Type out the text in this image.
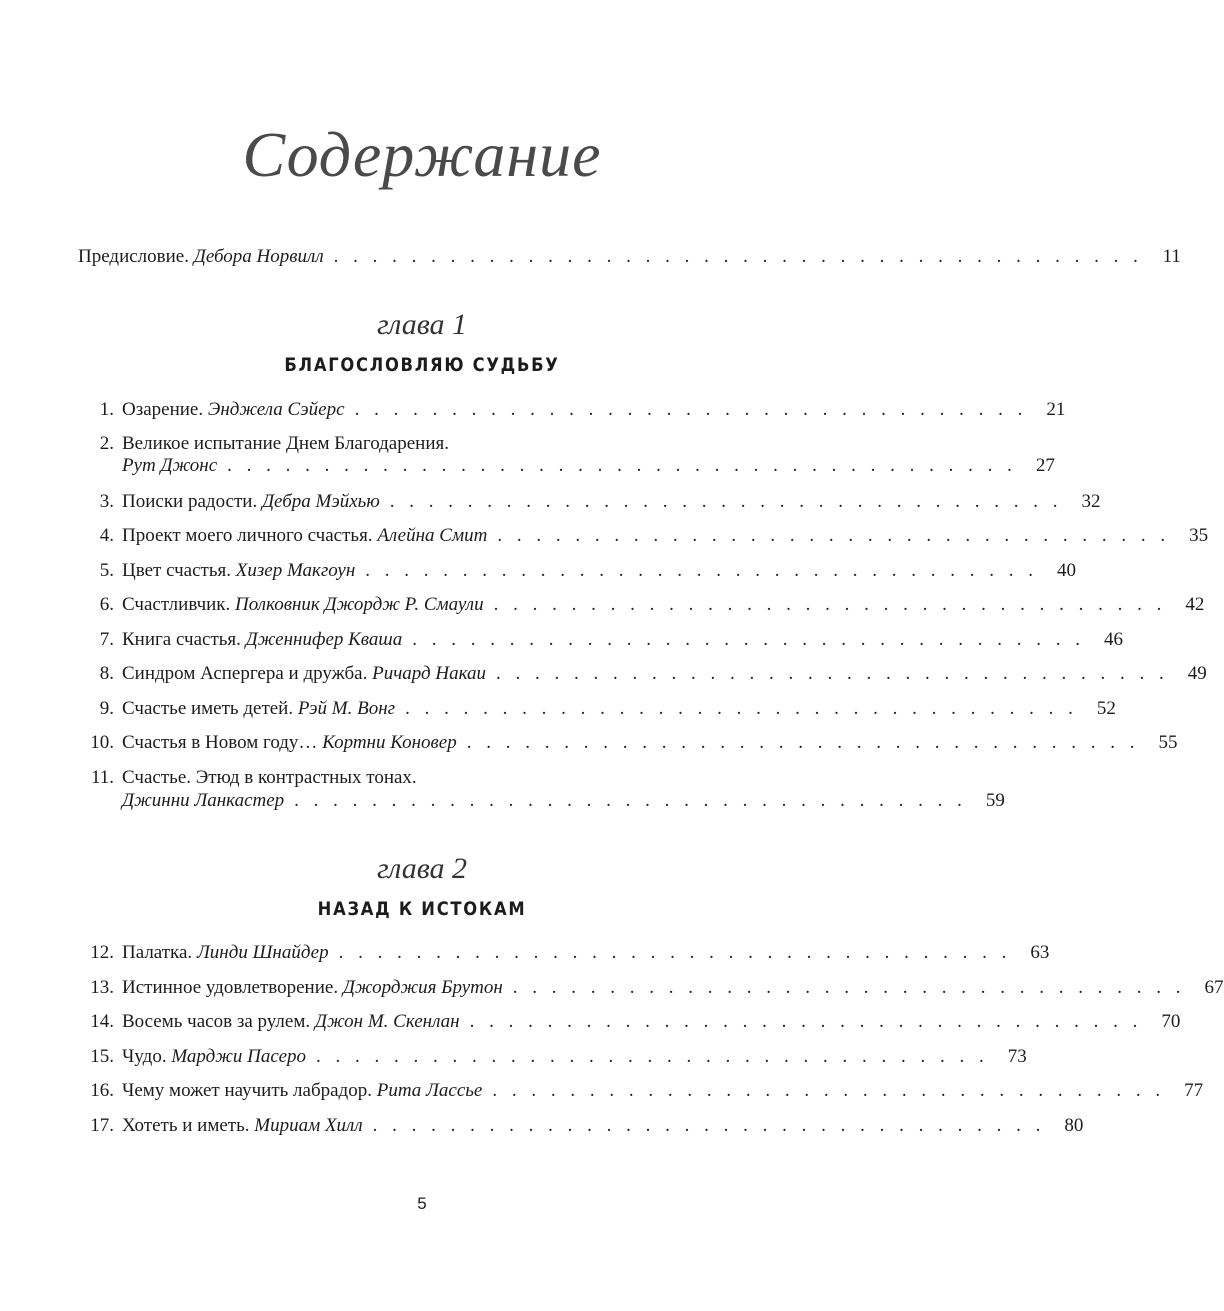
Содержание
Предисловие.
Дебора Норвилл . . . . . . . . . . . . . . . . . . . . . . . . . . . . . . . . . . . . . . . . . .	11
глава 1
БЛАГОСЛОВЛЯЮ СУДЬБУ
1. Озарение.
Энджела Сэйерс . . . . . . . . . . . . . . . . . . . . . . . . . . . . . . . . . . .	21
2. Великое испытание Днем Благодарения.
Рут Джонс . . . . . . . . . . . . . . . . . . . . . . . . . . . . . . . . . . . . . . . . .	27
3. Поиски радости.
Дебра Мэйхью . . . . . . . . . . . . . . . . . . . . . . . . . . . . . . . . . . .	32
4. Проект моего личного счастья.
Алейна Смит . . . . . . . . . . . . . . . . . . . . . . . . . . . . . . . . . . .	35
5. Цвет счастья.
Хизер Макгоун . . . . . . . . . . . . . . . . . . . . . . . . . . . . . . . . . . .	40
6. Счастливчик.
Полковник Джордж Р. Смаули . . . . . . . . . . . . . . . . . . . . . . . . . . . . . . . . . . .	42
7. Книга счастья.
Дженнифер Кваша . . . . . . . . . . . . . . . . . . . . . . . . . . . . . . . . . . .	46
8. Синдром Аспергера и дружба.
Ричард Накаи . . . . . . . . . . . . . . . . . . . . . . . . . . . . . . . . . . .	49
9. Счастье иметь детей.
Рэй М. Вонг . . . . . . . . . . . . . . . . . . . . . . . . . . . . . . . . . . .	52
10. Счастья в Новом году…
Кортни Коновер . . . . . . . . . . . . . . . . . . . . . . . . . . . . . . . . . . .	55
11. Счастье. Этюд в контрастных тонах.
Джинни Ланкастер . . . . . . . . . . . . . . . . . . . . . . . . . . . . . . . . . . .	59
глава 2
НАЗАД К ИСТОКАМ
12. Палатка.
Линди Шнайдер . . . . . . . . . . . . . . . . . . . . . . . . . . . . . . . . . . .	63
13. Истинное удовлетворение.
Джорджия Брутон . . . . . . . . . . . . . . . . . . . . . . . . . . . . . . . . . . .	67
14. Восемь часов за рулем.
Джон М. Скенлан . . . . . . . . . . . . . . . . . . . . . . . . . . . . . . . . . . .	70
15. Чудо.
Марджи Пасеро . . . . . . . . . . . . . . . . . . . . . . . . . . . . . . . . . . .	73
16. Чему может научить лабрадор.
Рита Лассье . . . . . . . . . . . . . . . . . . . . . . . . . . . . . . . . . . .	77
17. Хотеть и иметь.
Мириам Хилл . . . . . . . . . . . . . . . . . . . . . . . . . . . . . . . . . . .	80
5
